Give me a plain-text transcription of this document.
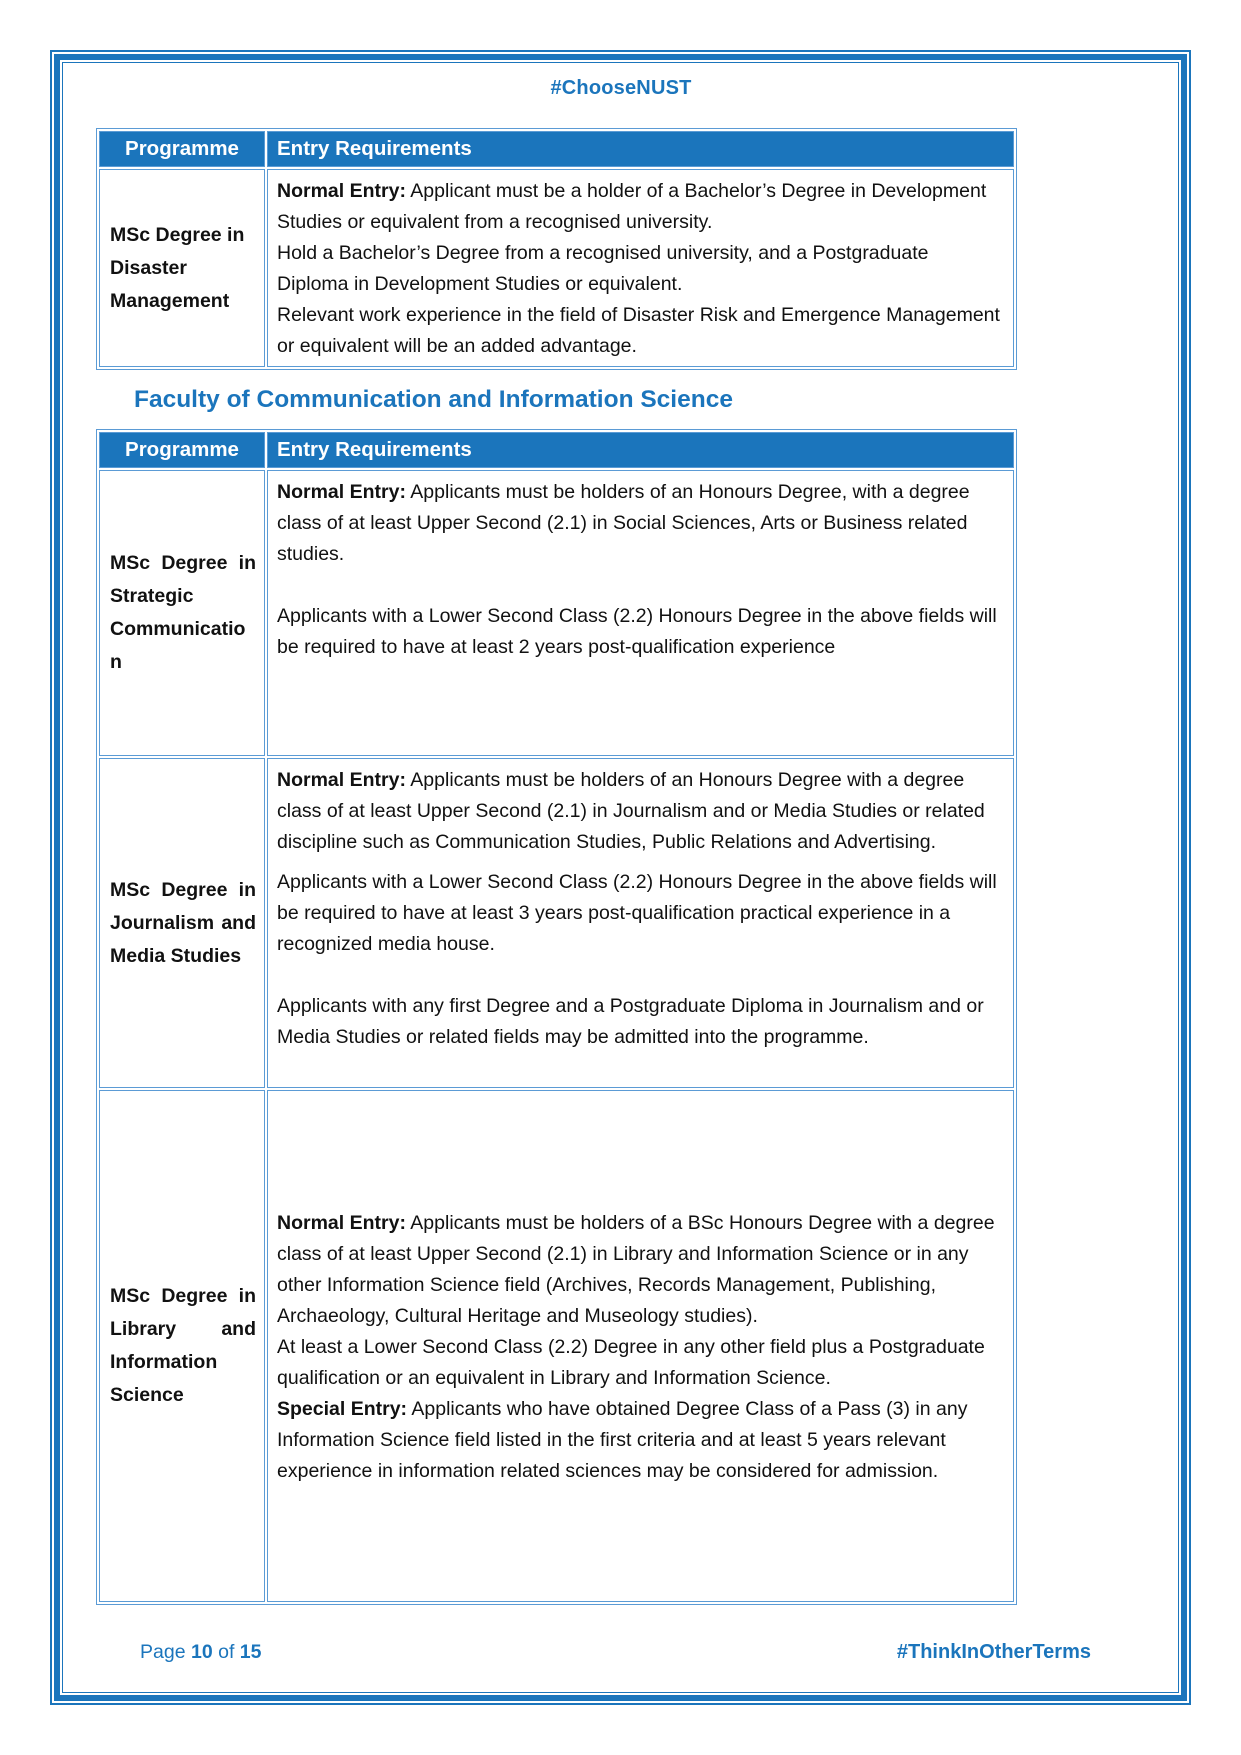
#ChooseNUST
Programme	Entry Requirements
MSc Degree in Disaster Management	Normal Entry: Applicant must be a holder of a Bachelor’s Degree in Development Studies or equivalent from a recognised university.

Hold a Bachelor’s Degree from a recognised university, and a Postgraduate Diploma in Development Studies or equivalent.

Relevant work experience in the field of Disaster Risk and Emergence Management or equivalent will be an added advantage.

Faculty of Communication and Information Science
Programme	Entry Requirements
MSc Degree in Strategic Communication	Normal Entry: Applicants must be holders of an Honours Degree, with a degree class of at least Upper Second (2.1) in Social Sciences, Arts or Business related studies.

Applicants with a Lower Second Class (2.2) Honours Degree in the above fields will be required to have at least 2 years post-qualification experience

MSc Degree in Journalism and Media Studies	Normal Entry: Applicants must be holders of an Honours Degree with a degree class of at least Upper Second (2.1) in Journalism and or Media Studies or related discipline such as Communication Studies, Public Relations and Advertising.

Applicants with a Lower Second Class (2.2) Honours Degree in the above fields will be required to have at least 3 years post-qualification practical experience in a recognized media house.

Applicants with any first Degree and a Postgraduate Diploma in Journalism and or Media Studies or related fields may be admitted into the programme.

MSc Degree in Library and Information Science	Normal Entry: Applicants must be holders of a BSc Honours Degree with a degree class of at least Upper Second (2.1) in Library and Information Science or in any other Information Science field (Archives, Records Management, Publishing, Archaeology, Cultural Heritage and Museology studies).

At least a Lower Second Class (2.2) Degree in any other field plus a Postgraduate qualification or an equivalent in Library and Information Science.

Special Entry: Applicants who have obtained Degree Class of a Pass (3) in any Information Science field listed in the first criteria and at least 5 years relevant experience in information related sciences may be considered for admission.

Page 10 of 15	#ThinkInOtherTerms
